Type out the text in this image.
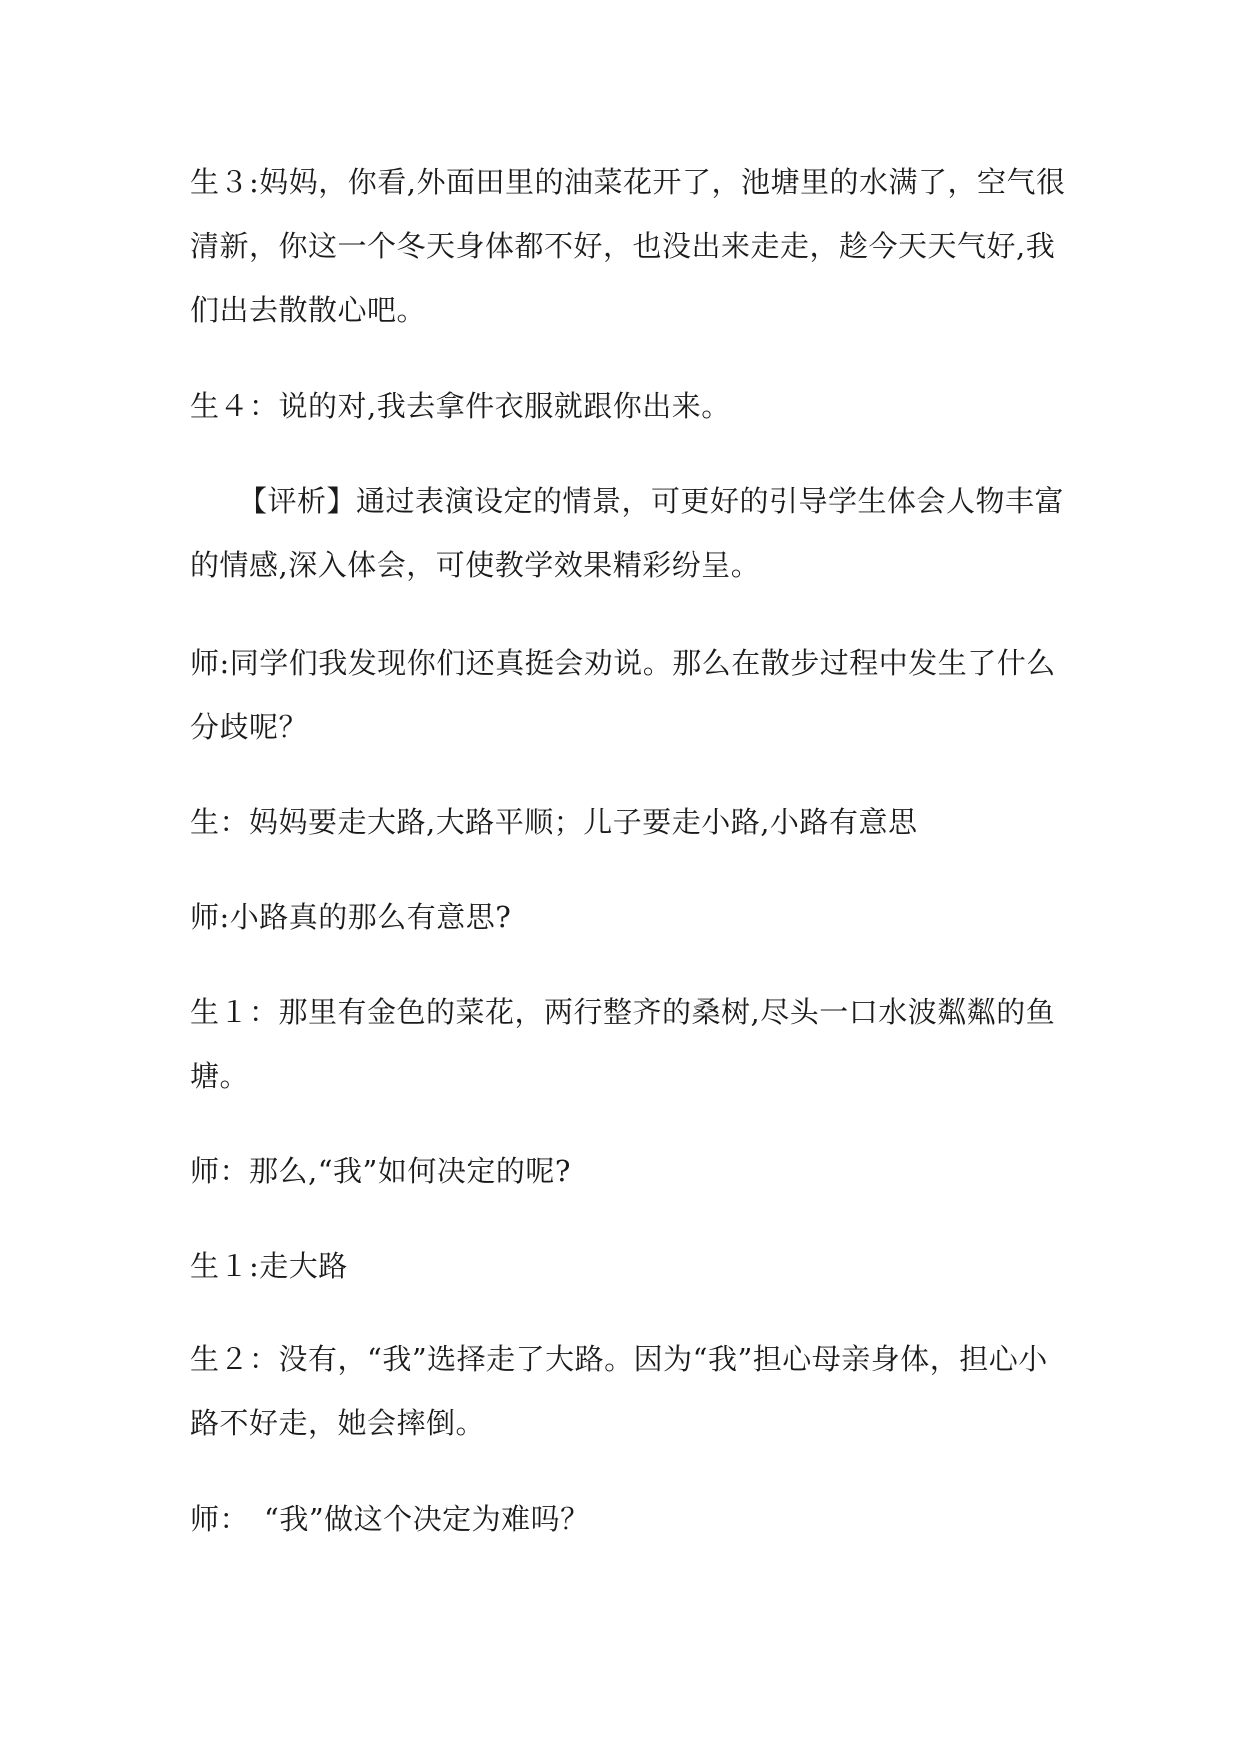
生３:妈妈，你看,外面田里的油菜花开了，池塘里的水满了，空气很清新，你这一个冬天身体都不好，也没出来走走，趁今天天气好,我们出去散散心吧。
生４：说的对,我去拿件衣服就跟你出来。
【评析】通过表演设定的情景，可更好的引导学生体会人物丰富的情感,深入体会，可使教学效果精彩纷呈。
师:同学们我发现你们还真挺会劝说。那么在散步过程中发生了什么分歧呢？
生：妈妈要走大路,大路平顺；儿子要走小路,小路有意思
师:小路真的那么有意思?
生１：那里有金色的菜花，两行整齐的桑树,尽头一口水波粼粼的鱼塘。
师：那么,“我”如何决定的呢?
生１:走大路
生２：没有，“我”选择走了大路。因为“我”担心母亲身体，担心小路不好走，她会摔倒。
师：　“我”做这个决定为难吗？
